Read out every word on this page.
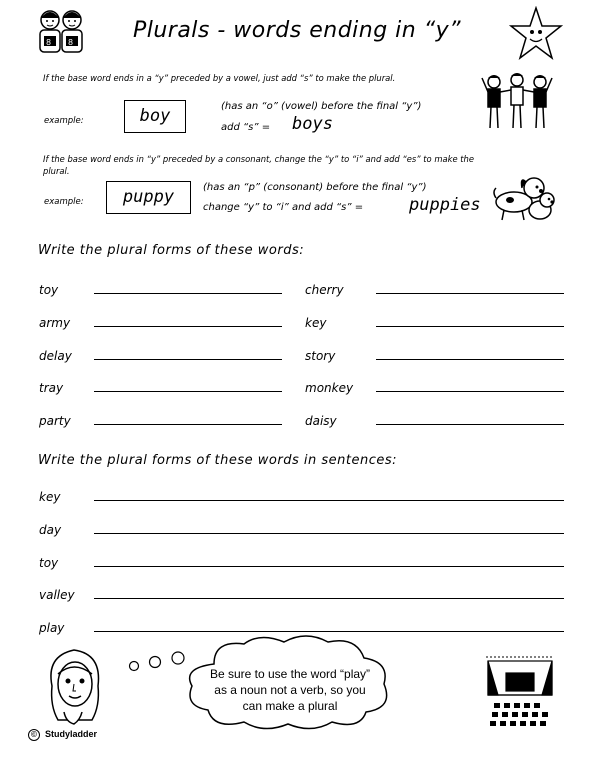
8 8	Plurals - words ending in “y”
If the base word ends in a “y” preceded by a vowel, just add “s” to make the plural.
example:	boy	(has an “o” (vowel) before the final “y”)
add “s” = boys
If the base word ends in “y” preceded by a consonant, change the “y” to “i” and add “es” to make the
plural.
example:	puppy	(has an “p” (consonant) before the final “y”)
change “y” to “i” and add “s” =	puppies
Write the plural forms of these words:
toy
army
delay
tray
party
cherry
key
story
monkey
daisy
Write the plural forms of these words in sentences:
key
day
toy
valley
play
Be sure to use the word “play”
as a noun not a verb, so you
can make a plural
© Studyladder
